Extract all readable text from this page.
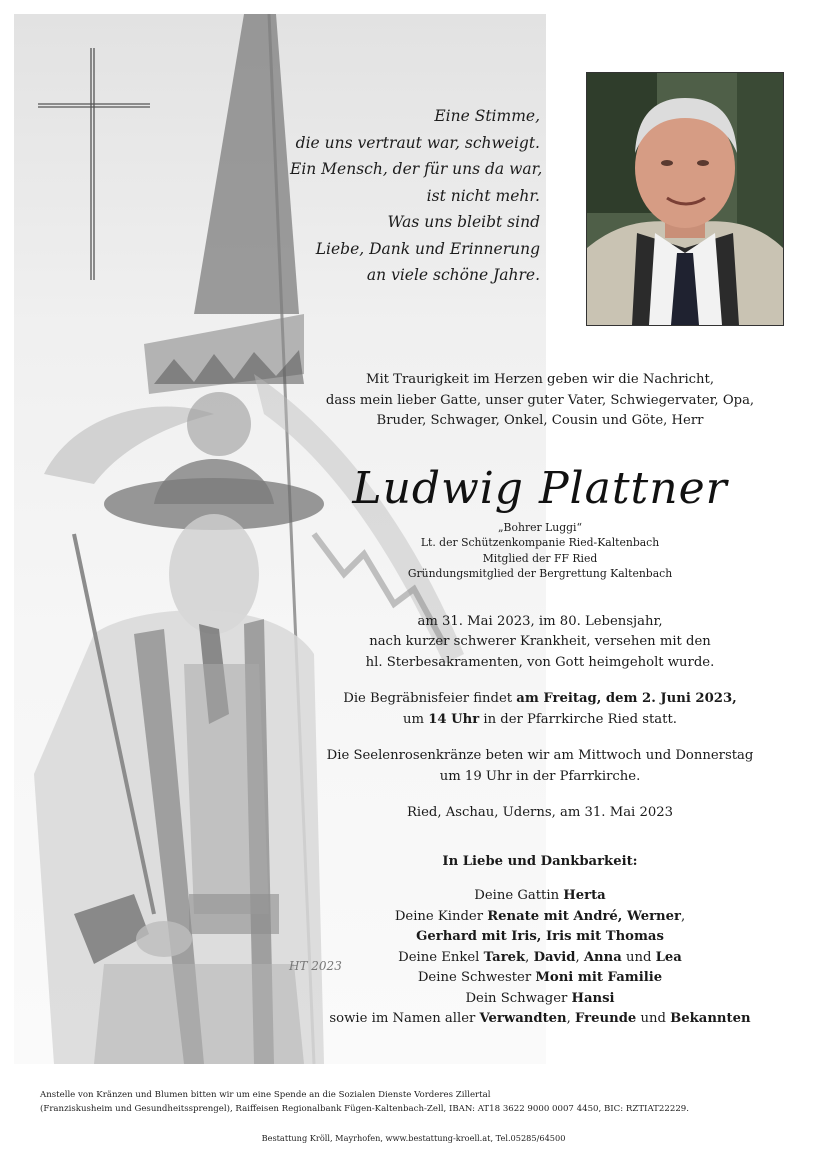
HT 2023
Eine Stimme,
die uns vertraut war, schweigt.
Ein Mensch, der für uns da war,
ist nicht mehr.
Was uns bleibt sind
Liebe, Dank und Erinnerung
an viele schöne Jahre.
Mit Traurigkeit im Herzen geben wir die Nachricht,
dass mein lieber Gatte, unser guter Vater, Schwiegervater, Opa,
Bruder, Schwager, Onkel, Cousin und Göte, Herr
Ludwig Plattner
„Bohrer Luggi“
Lt. der Schützenkompanie Ried-Kaltenbach
Mitglied der FF Ried
Gründungsmitglied der Bergrettung Kaltenbach
am 31. Mai 2023, im 80. Lebensjahr,
nach kurzer schwerer Krankheit, versehen mit den
hl. Sterbesakramenten, von Gott heimgeholt wurde.
Die Begräbnisfeier findet am Freitag, dem 2. Juni 2023,
um 14 Uhr in der Pfarrkirche Ried statt.
Die Seelenrosenkränze beten wir am Mittwoch und Donnerstag
um 19 Uhr in der Pfarrkirche.
Ried, Aschau, Uderns, am 31. Mai 2023
In Liebe und Dankbarkeit:
Deine Gattin Herta
Deine Kinder Renate mit André, Werner,
Gerhard mit Iris, Iris mit Thomas
Deine Enkel Tarek, David, Anna und Lea
Deine Schwester Moni mit Familie
Dein Schwager Hansi
sowie im Namen aller Verwandten, Freunde und Bekannten
Anstelle von Kränzen und Blumen bitten wir um eine Spende an die Sozialen Dienste Vorderes Zillertal
(Franziskusheim und Gesundheitssprengel), Raiffeisen Regionalbank Fügen-Kaltenbach-Zell, IBAN: AT18 3622 9000 0007 4450, BIC: RZTIAT22229.
Bestattung Kröll, Mayrhofen, www.bestattung-kroell.at, Tel.05285/64500
